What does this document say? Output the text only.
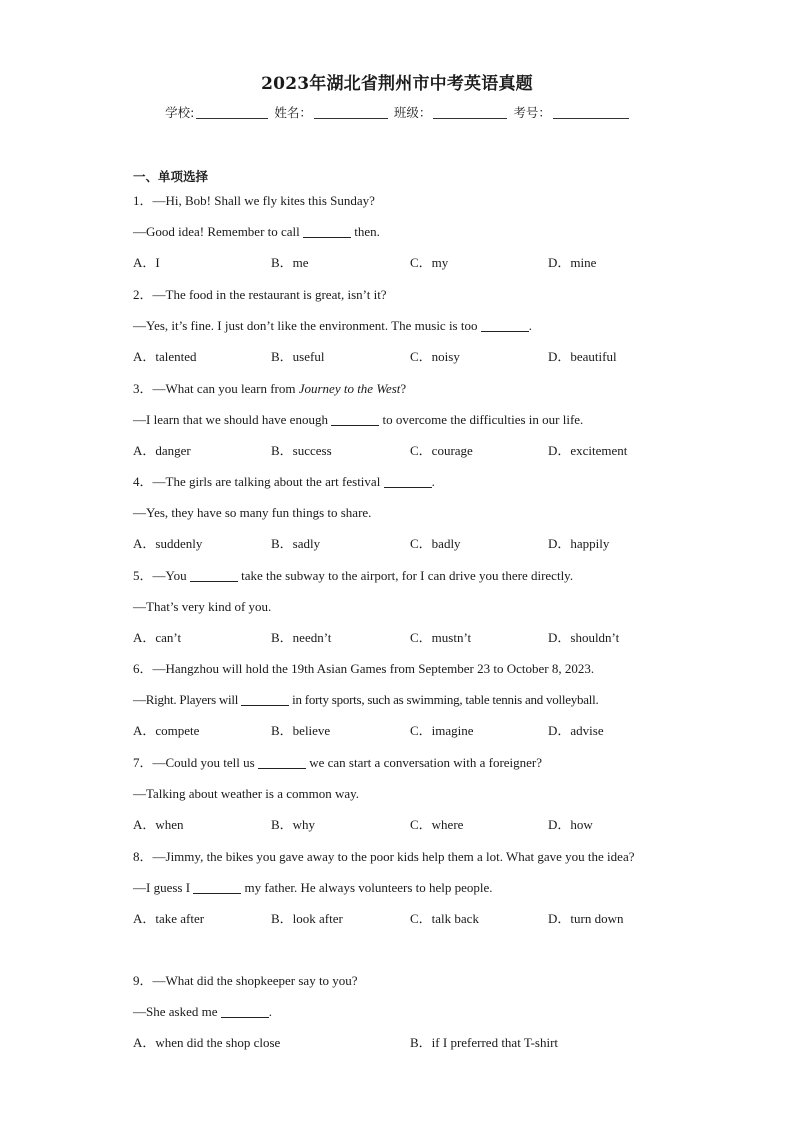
2023年湖北省荆州市中考英语真题
学校:	姓名：	班级：	考号：
一、单项选择
1．—Hi, Bob! Shall we fly kites this Sunday?
—Good idea! Remember to call	then.
A．I	B．me	C．my	D．mine
2．—The food in the restaurant is great, isn’t it?
—Yes, it’s fine. I just don’t like the environment. The music is too	.
A．talented	B．useful	C．noisy	D．beautiful
3．—What can you learn from Journey to the West?
—I learn that we should have enough	to overcome the difficulties in our life.
A．danger	B．success	C．courage	D．excitement
4．—The girls are talking about the art festival	.
—Yes, they have so many fun things to share.
A．suddenly	B．sadly	C．badly	D．happily
5．—You	take the subway to the airport, for I can drive you there directly.
—That’s very kind of you.
A．can’t	B．needn’t	C．mustn’t	D．shouldn’t
6．—Hangzhou will hold the 19th Asian Games from September 23 to October 8, 2023.
—Right. Players will	in forty sports, such as swimming, table tennis and volleyball.
A．compete	B．believe	C．imagine	D．advise
7．—Could you tell us	we can start a conversation with a foreigner?
—Talking about weather is a common way.
A．when	B．why	C．where	D．how
8．—Jimmy, the bikes you gave away to the poor kids help them a lot. What gave you the idea?
—I guess I	my father. He always volunteers to help people.
A．take after	B．look after	C．talk back	D．turn down
9．—What did the shopkeeper say to you?
—She asked me	.
A．when did the shop close	B．if I preferred that T-shirt
